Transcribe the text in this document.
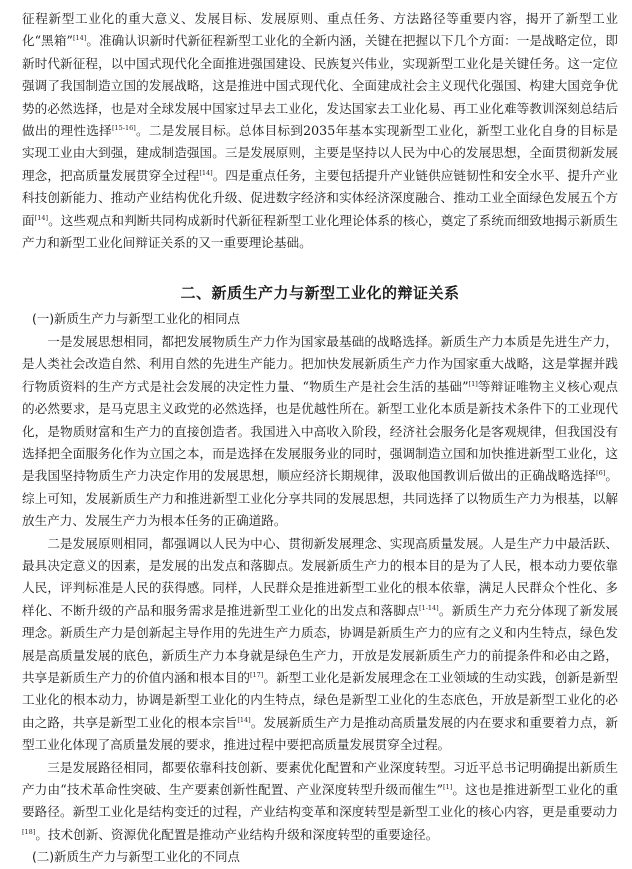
征程新型工业化的重大意义、发展目标、发展原则、重点任务、方法路径等重要内容，揭开了新型工业化“黑箱”[14]。准确认识新时代新征程新型工业化的全新内涵，关键在把握以下几个方面：一是战略定位，即新时代新征程，以中国式现代化全面推进强国建设、民族复兴伟业，实现新型工业化是关键任务。这一定位强调了我国制造立国的发展战略，这是推进中国式现代化、全面建成社会主义现代化强国、构建大国竞争优势的必然选择，也是对全球发展中国家过早去工业化，发达国家去工业化易、再工业化难等教训深刻总结后做出的理性选择[15-16]。二是发展目标。总体目标到2035年基本实现新型工业化，新型工业化自身的目标是实现工业由大到强，建成制造强国。三是发展原则，主要是坚持以人民为中心的发展思想，全面贯彻新发展理念，把高质量发展贯穿全过程[14]。四是重点任务，主要包括提升产业链供应链韧性和安全水平、提升产业科技创新能力、推动产业结构优化升级、促进数字经济和实体经济深度融合、推动工业全面绿色发展五个方面[14]。这些观点和判断共同构成新时代新征程新型工业化理论体系的核心，奠定了系统而细致地揭示新质生产力和新型工业化间辩证关系的又一重要理论基础。

二、新质生产力与新型工业化的辩证关系
(一)新质生产力与新型工业化的相同点

一是发展思想相同，都把发展物质生产力作为国家最基础的战略选择。新质生产力本质是先进生产力，是人类社会改造自然、利用自然的先进生产能力。把加快发展新质生产力作为国家重大战略，这是掌握并践行物质资料的生产方式是社会发展的决定性力量、“物质生产是社会生活的基础”[1]等辩证唯物主义核心观点的必然要求，是马克思主义政党的必然选择，也是优越性所在。新型工业化本质是新技术条件下的工业现代化，是物质财富和生产力的直接创造者。我国进入中高收入阶段，经济社会服务化是客观规律，但我国没有选择把全面服务化作为立国之本，而是选择在发展服务业的同时，强调制造立国和加快推进新型工业化，这是我国坚持物质生产力决定作用的发展思想，顺应经济长期规律，汲取他国教训后做出的正确战略选择[6]。综上可知，发展新质生产力和推进新型工业化分享共同的发展思想，共同选择了以物质生产力为根基，以解放生产力、发展生产力为根本任务的正确道路。

二是发展原则相同，都强调以人民为中心、贯彻新发展理念、实现高质量发展。人是生产力中最活跃、最具决定意义的因素，是发展的出发点和落脚点。发展新质生产力的根本目的是为了人民，根本动力要依靠人民，评判标准是人民的获得感。同样，人民群众是推进新型工业化的根本依靠，满足人民群众个性化、多样化、不断升级的产品和服务需求是推进新型工业化的出发点和落脚点[1-14]。新质生产力充分体现了新发展理念。新质生产力是创新起主导作用的先进生产力质态，协调是新质生产力的应有之义和内生特点，绿色发展是高质量发展的底色，新质生产力本身就是绿色生产力，开放是发展新质生产力的前提条件和必由之路，共享是新质生产力的价值内涵和根本目的[17]。新型工业化是新发展理念在工业领域的生动实践，创新是新型工业化的根本动力，协调是新型工业化的内生特点，绿色是新型工业化的生态底色，开放是新型工业化的必由之路，共享是新型工业化的根本宗旨[14]。发展新质生产力是推动高质量发展的内在要求和重要着力点，新型工业化体现了高质量发展的要求，推进过程中要把高质量发展贯穿全过程。

三是发展路径相同，都要依靠科技创新、要素优化配置和产业深度转型。习近平总书记明确提出新质生产力由“技术革命性突破、生产要素创新性配置、产业深度转型升级而催生”[1]。这也是推进新型工业化的重要路径。新型工业化是结构变迁的过程，产业结构变革和深度转型是新型工业化的核心内容，更是重要动力[18]。技术创新、资源优化配置是推动产业结构升级和深度转型的重要途径。

(二)新质生产力与新型工业化的不同点
